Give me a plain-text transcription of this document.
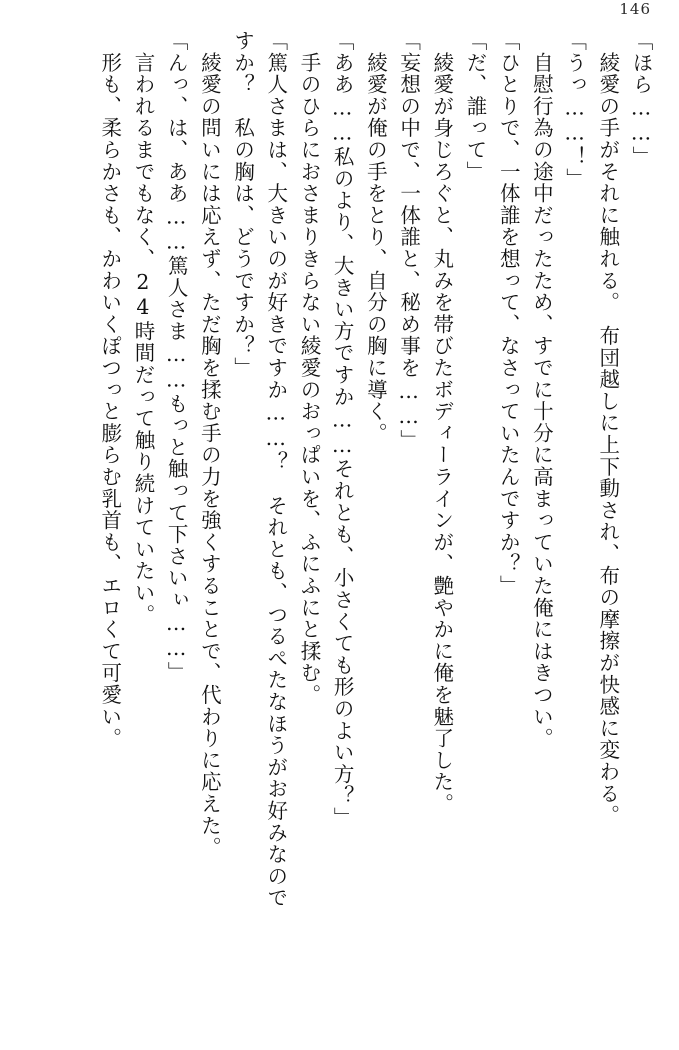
146

「ほら……」

　綾愛の手がそれに触れる。　布団越しに上下動され、布の摩擦が快感に変わる。

「うっ……！」

　自慰行為の途中だったため、すでに十分に高まっていた俺にはきつい。

「ひとりで、一体誰を想って、なさっていたんですか？」

「だ、誰って」

　綾愛が身じろぐと、丸みを帯びたボディーラインが、艶やかに俺を魅了した。

「妄想の中で、一体誰と、秘め事を……」

　綾愛が俺の手をとり、自分の胸に導く。

「ああ……私のより、大きい方ですか……それとも、小さくても形のよい方？」

　手のひらにおさまりきらない綾愛のおっぱいを、ふにふにと揉む。

「篤人さまは、大きいのが好きですか……？　それとも、つるぺたなほうがお好みなので

すか？　私の胸は、どうですか？」

　綾愛の問いには応えず、ただ胸を揉む手の力を強くすることで、代わりに応えた。

「んっ、は、ああ……篤人さま……もっと触って下さいぃ……」

　言われるまでもなく、24時間だって触り続けていたい。

　形も、柔らかさも、かわいくぽつっと膨らむ乳首も、エロくて可愛い。
